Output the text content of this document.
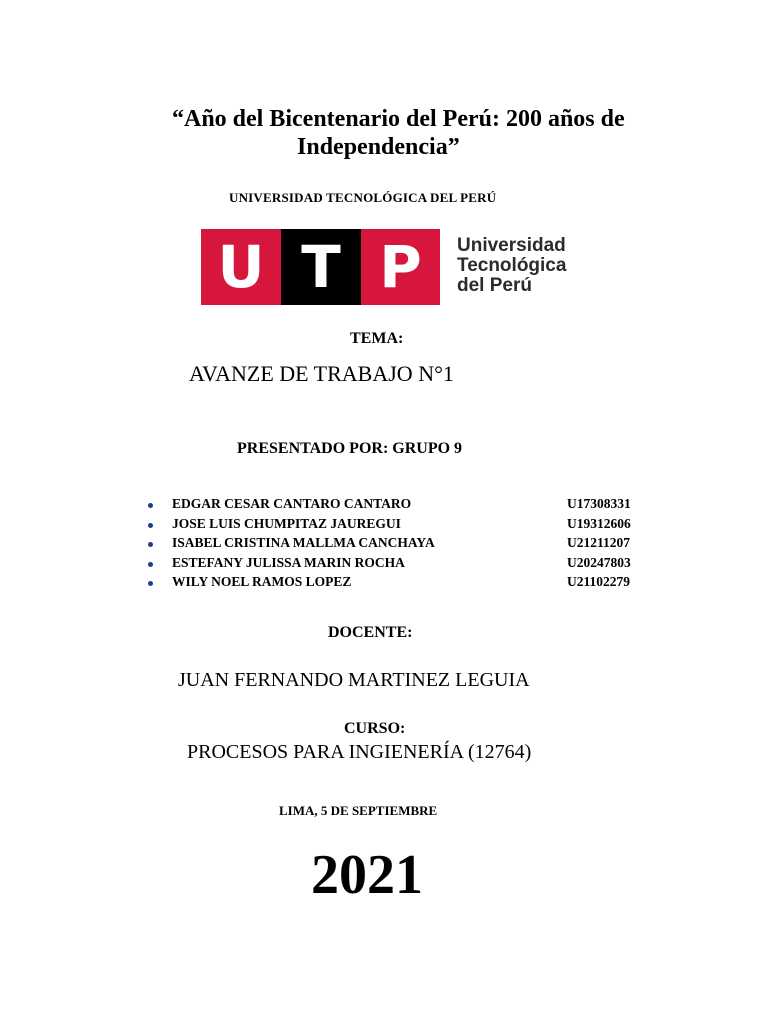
“Año del Bicentenario del Perú: 200 años de
Independencia”
UNIVERSIDAD TECNOLÓGICA DEL PERÚ
U T P	Universidad
Tecnológica
del Perú
TEMA:
AVANZE DE TRABAJO N°1
PRESENTADO POR: GRUPO 9
EDGAR CESAR CANTARO CANTARO	U17308331
JOSE LUIS CHUMPITAZ JAUREGUI	U19312606
ISABEL CRISTINA MALLMA CANCHAYA	U21211207
ESTEFANY JULISSA MARIN ROCHA	U20247803
WILY NOEL RAMOS LOPEZ	U21102279
DOCENTE:
JUAN FERNANDO MARTINEZ LEGUIA
CURSO:
PROCESOS PARA INGIENERÍA (12764)
LIMA, 5 DE SEPTIEMBRE
2021
